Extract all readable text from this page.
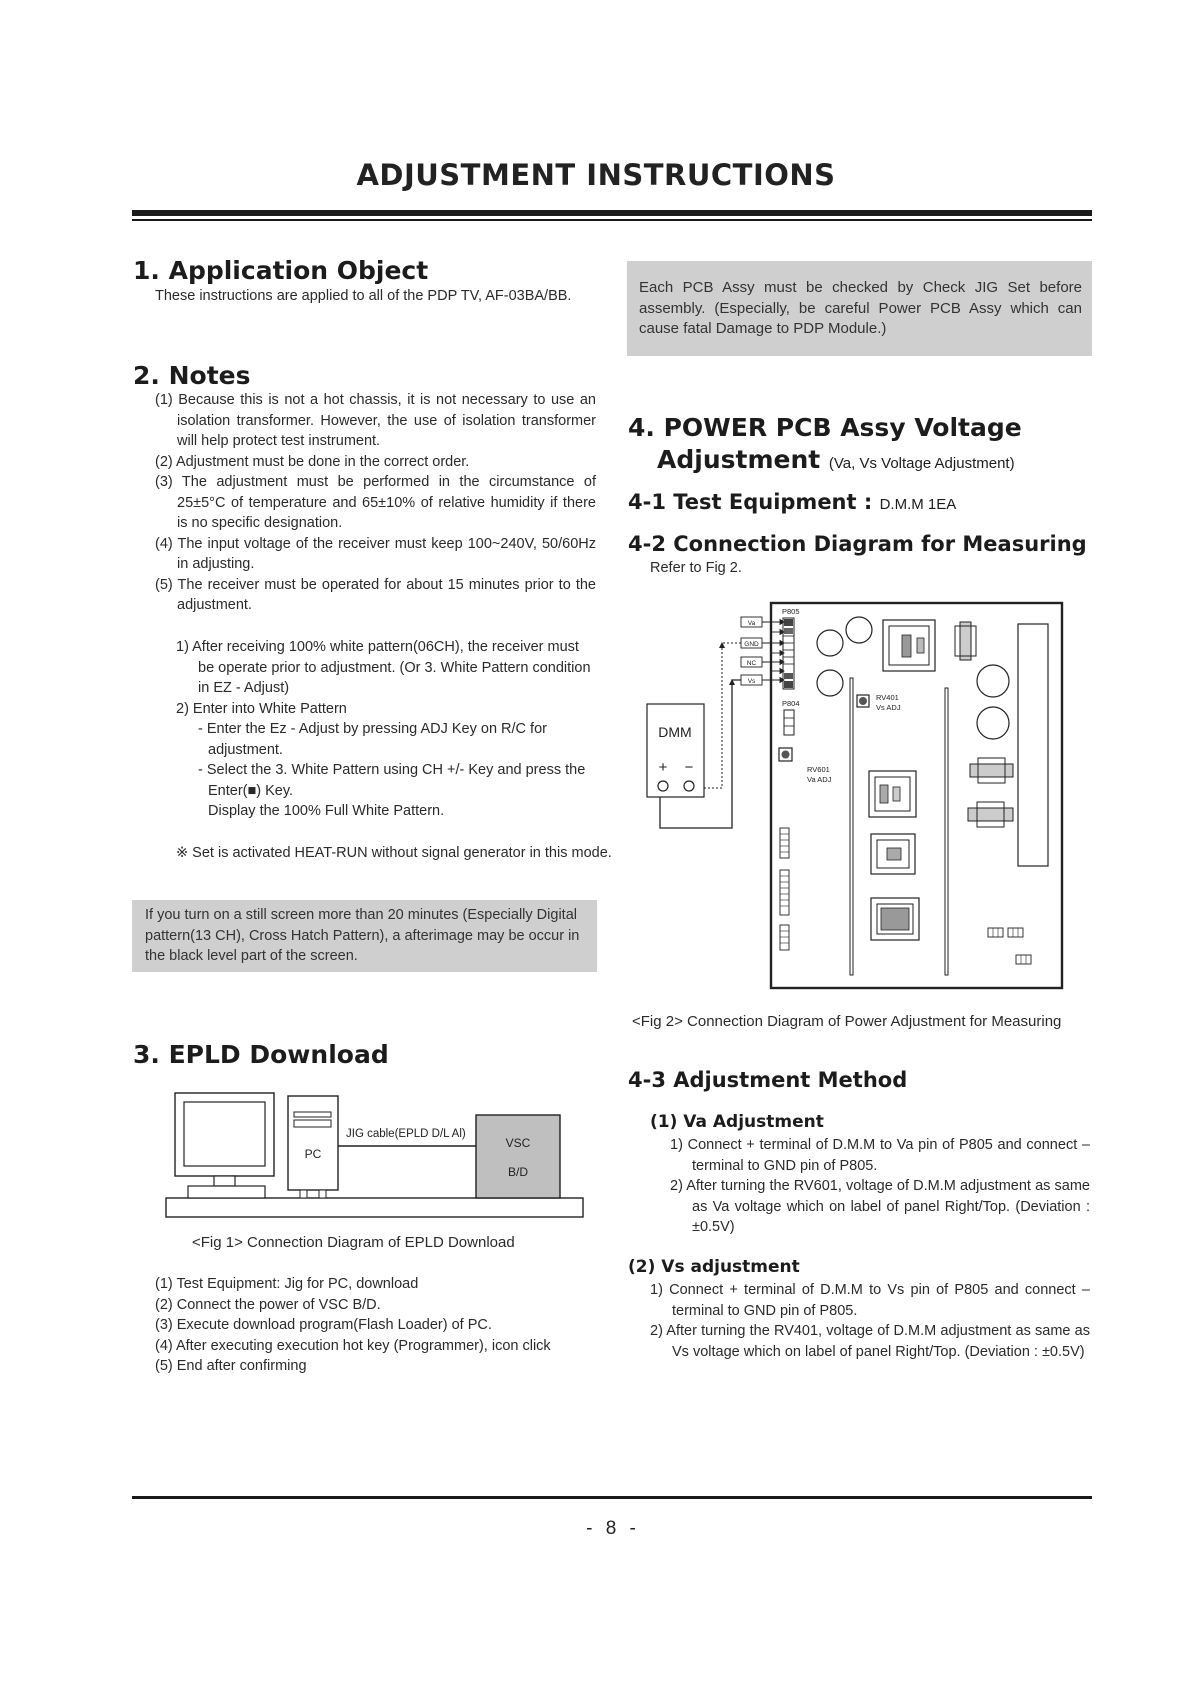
ADJUSTMENT INSTRUCTIONS
1. Application Object
These instructions are applied to all of the PDP TV, AF-03BA/BB.
2. Notes
(1) Because this is not a hot chassis, it is not necessary to use an isolation transformer. However, the use of isolation transformer will help protect test instrument.
(2) Adjustment must be done in the correct order.
(3) The adjustment must be performed in the circumstance of 25±5°C of temperature and 65±10% of relative humidity if there is no specific designation.
(4) The input voltage of the receiver must keep 100~240V, 50/60Hz in adjusting.
(5) The receiver must be operated for about 15 minutes prior to the adjustment.
1) After receiving 100% white pattern(06CH), the receiver must be operate prior to adjustment. (Or 3. White Pattern condition in EZ - Adjust)
2) Enter into White Pattern
- Enter the Ez - Adjust by pressing ADJ Key on R/C for adjustment.
- Select the 3. White Pattern using CH +/- Key and press the Enter(■) Key.
Display the 100% Full White Pattern.
※ Set is activated HEAT-RUN without signal generator in this mode.
If you turn on a still screen more than 20 minutes (Especially Digital pattern(13 CH), Cross Hatch Pattern), a afterimage may be occur in the black level part of the screen.
3. EPLD Download
PC
JIG cable(EPLD D/L Al)
VSC
B/D
<Fig 1> Connection Diagram of EPLD Download
(1) Test Equipment: Jig for PC, download
(2) Connect the power of VSC B/D.
(3) Execute download program(Flash Loader) of PC.
(4) After executing execution hot key (Programmer), icon click
(5) End after confirming
Each PCB Assy must be checked by Check JIG Set before assembly. (Especially, be careful Power PCB Assy which can cause fatal Damage to PDP Module.)
4. POWER PCB Assy Voltage
Adjustment (Va, Vs Voltage Adjustment)
4-1 Test Equipment : D.M.M 1EA
4-2 Connection Diagram for Measuring
Refer to Fig 2.
P805
Va
GND
NC
Vs
DMM
+ −
P804
RV401
Vs ADJ
RV601
Va ADJ
<Fig 2> Connection Diagram of Power Adjustment for Measuring
4-3 Adjustment Method
(1) Va Adjustment
1) Connect + terminal of D.M.M to Va pin of P805 and connect – terminal to GND pin of P805.
2) After turning the RV601, voltage of D.M.M adjustment as same as Va voltage which on label of panel Right/Top. (Deviation : ±0.5V)
(2) Vs adjustment
1) Connect + terminal of D.M.M to Vs pin of P805 and connect – terminal to GND pin of P805.
2) After turning the RV401, voltage of D.M.M adjustment as same as Vs voltage which on label of panel Right/Top. (Deviation : ±0.5V)
- 8 -
